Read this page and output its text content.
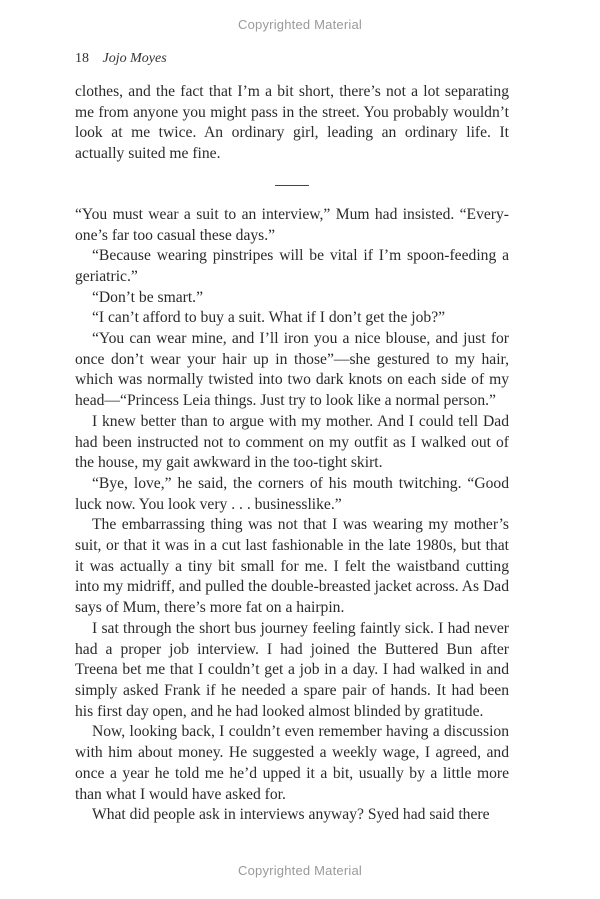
Copyrighted Material
18 Jojo Moyes

clothes, and the fact that I’m a bit short, there’s not a lot separating me from anyone you might pass in the street. You probably wouldn’t look at me twice. An ordinary girl, leading an ordinary life. It actually suited me fine.

“You must wear a suit to an interview,” Mum had insisted. “Everyone’s far too casual these days.”

“Because wearing pinstripes will be vital if I’m spoon-feeding a geriatric.”

“Don’t be smart.”

“I can’t afford to buy a suit. What if I don’t get the job?”

“You can wear mine, and I’ll iron you a nice blouse, and just for once don’t wear your hair up in those”—she gestured to my hair, which was normally twisted into two dark knots on each side of my head—“Princess Leia things. Just try to look like a normal person.”

I knew better than to argue with my mother. And I could tell Dad had been instructed not to comment on my outfit as I walked out of the house, my gait awkward in the too-tight skirt.

“Bye, love,” he said, the corners of his mouth twitching. “Good luck now. You look very . . . businesslike.”

The embarrassing thing was not that I was wearing my mother’s suit, or that it was in a cut last fashionable in the late 1980s, but that it was actually a tiny bit small for me. I felt the waistband cutting into my midriff, and pulled the double-breasted jacket across. As Dad says of Mum, there’s more fat on a hairpin.

I sat through the short bus journey feeling faintly sick. I had never had a proper job interview. I had joined the Buttered Bun after Treena bet me that I couldn’t get a job in a day. I had walked in and simply asked Frank if he needed a spare pair of hands. It had been his first day open, and he had looked almost blinded by gratitude.

Now, looking back, I couldn’t even remember having a discussion with him about money. He suggested a weekly wage, I agreed, and once a year he told me he’d upped it a bit, usually by a little more than what I would have asked for.

What did people ask in interviews anyway? Syed had said there

Copyrighted Material
